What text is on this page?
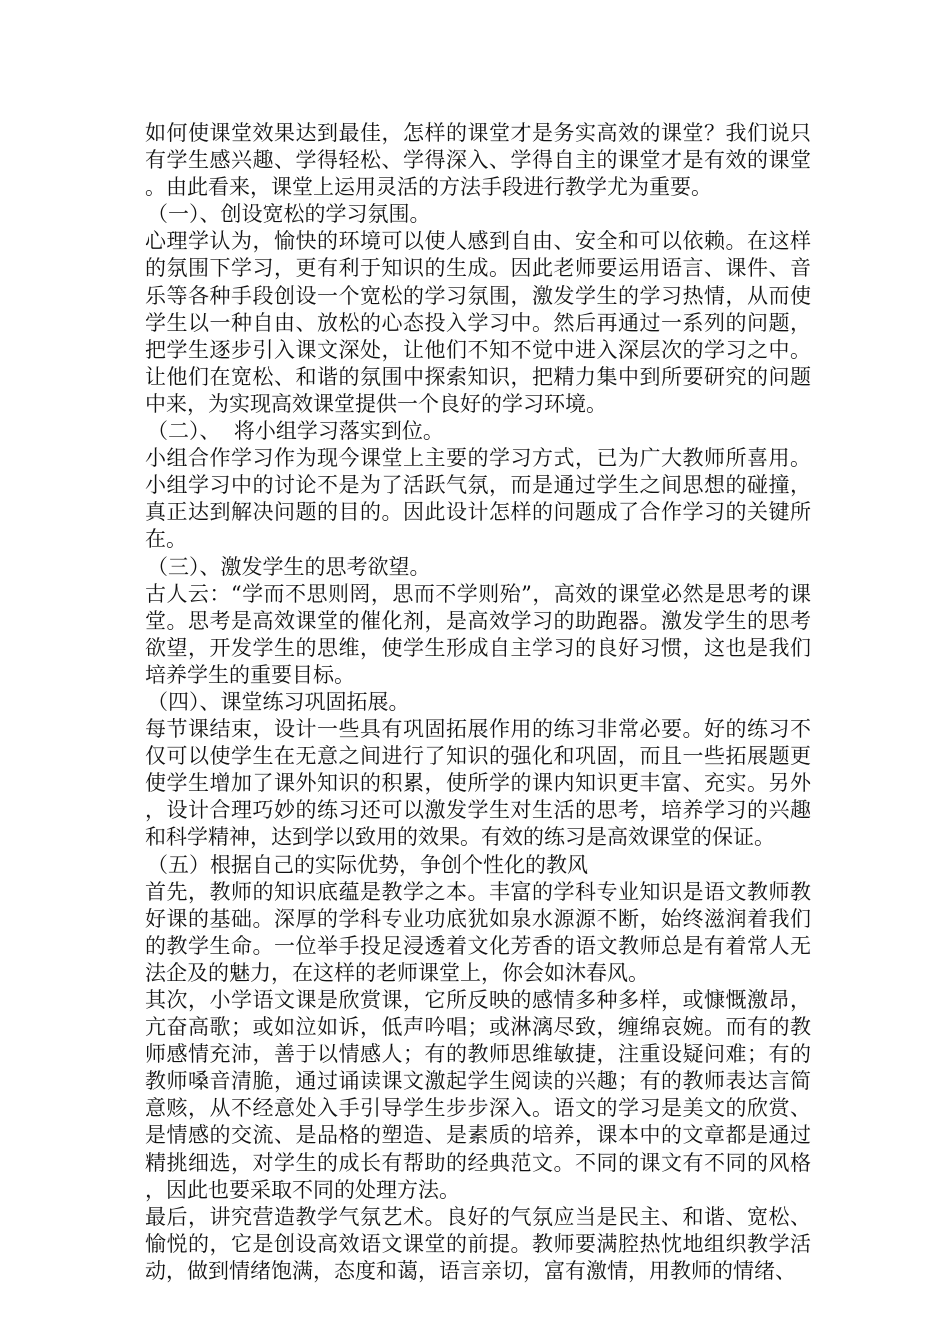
如何使课堂效果达到最佳，怎样的课堂才是务实高效的课堂？我们说只有学生感兴趣、学得轻松、学得深入、学得自主的课堂才是有效的课堂。由此看来，课堂上运用灵活的方法手段进行教学尤为重要。

（一）、创设宽松的学习氛围。

心理学认为，愉快的环境可以使人感到自由、安全和可以依赖。在这样的氛围下学习，更有利于知识的生成。因此老师要运用语言、课件、音乐等各种手段创设一个宽松的学习氛围，激发学生的学习热情，从而使学生以一种自由、放松的心态投入学习中。然后再通过一系列的问题，把学生逐步引入课文深处，让他们不知不觉中进入深层次的学习之中。让他们在宽松、和谐的氛围中探索知识，把精力集中到所要研究的问题中来，为实现高效课堂提供一个良好的学习环境。

（二）、  将小组学习落实到位。

小组合作学习作为现今课堂上主要的学习方式，已为广大教师所喜用。小组学习中的讨论不是为了活跃气氛，而是通过学生之间思想的碰撞，真正达到解决问题的目的。因此设计怎样的问题成了合作学习的关键所在。

（三）、激发学生的思考欲望。

古人云：“学而不思则罔，思而不学则殆”，高效的课堂必然是思考的课堂。思考是高效课堂的催化剂，是高效学习的助跑器。激发学生的思考欲望，开发学生的思维，使学生形成自主学习的良好习惯，这也是我们培养学生的重要目标。

（四）、课堂练习巩固拓展。

每节课结束，设计一些具有巩固拓展作用的练习非常必要。好的练习不仅可以使学生在无意之间进行了知识的强化和巩固，而且一些拓展题更使学生增加了课外知识的积累，使所学的课内知识更丰富、充实。另外，设计合理巧妙的练习还可以激发学生对生活的思考，培养学习的兴趣和科学精神，达到学以致用的效果。有效的练习是高效课堂的保证。

（五）根据自己的实际优势，争创个性化的教风

首先，教师的知识底蕴是教学之本。丰富的学科专业知识是语文教师教好课的基础。深厚的学科专业功底犹如泉水源源不断，始终滋润着我们的教学生命。一位举手投足浸透着文化芳香的语文教师总是有着常人无法企及的魅力，在这样的老师课堂上，你会如沐春风。

其次，小学语文课是欣赏课，它所反映的感情多种多样，或慷慨激昂，亢奋高歌；或如泣如诉，低声吟唱；或淋漓尽致，缠绵哀婉。而有的教师感情充沛，善于以情感人；有的教师思维敏捷，注重设疑问难；有的教师嗓音清脆，通过诵读课文激起学生阅读的兴趣；有的教师表达言简意赅，从不经意处入手引导学生步步深入。语文的学习是美文的欣赏、是情感的交流、是品格的塑造、是素质的培养，课本中的文章都是通过精挑细选，对学生的成长有帮助的经典范文。不同的课文有不同的风格，因此也要采取不同的处理方法。

最后，讲究营造教学气氛艺术。良好的气氛应当是民主、和谐、宽松、愉悦的，它是创设高效语文课堂的前提。教师要满腔热忱地组织教学活动，做到情绪饱满，态度和蔼，语言亲切，富有激情，用教师的情绪、
